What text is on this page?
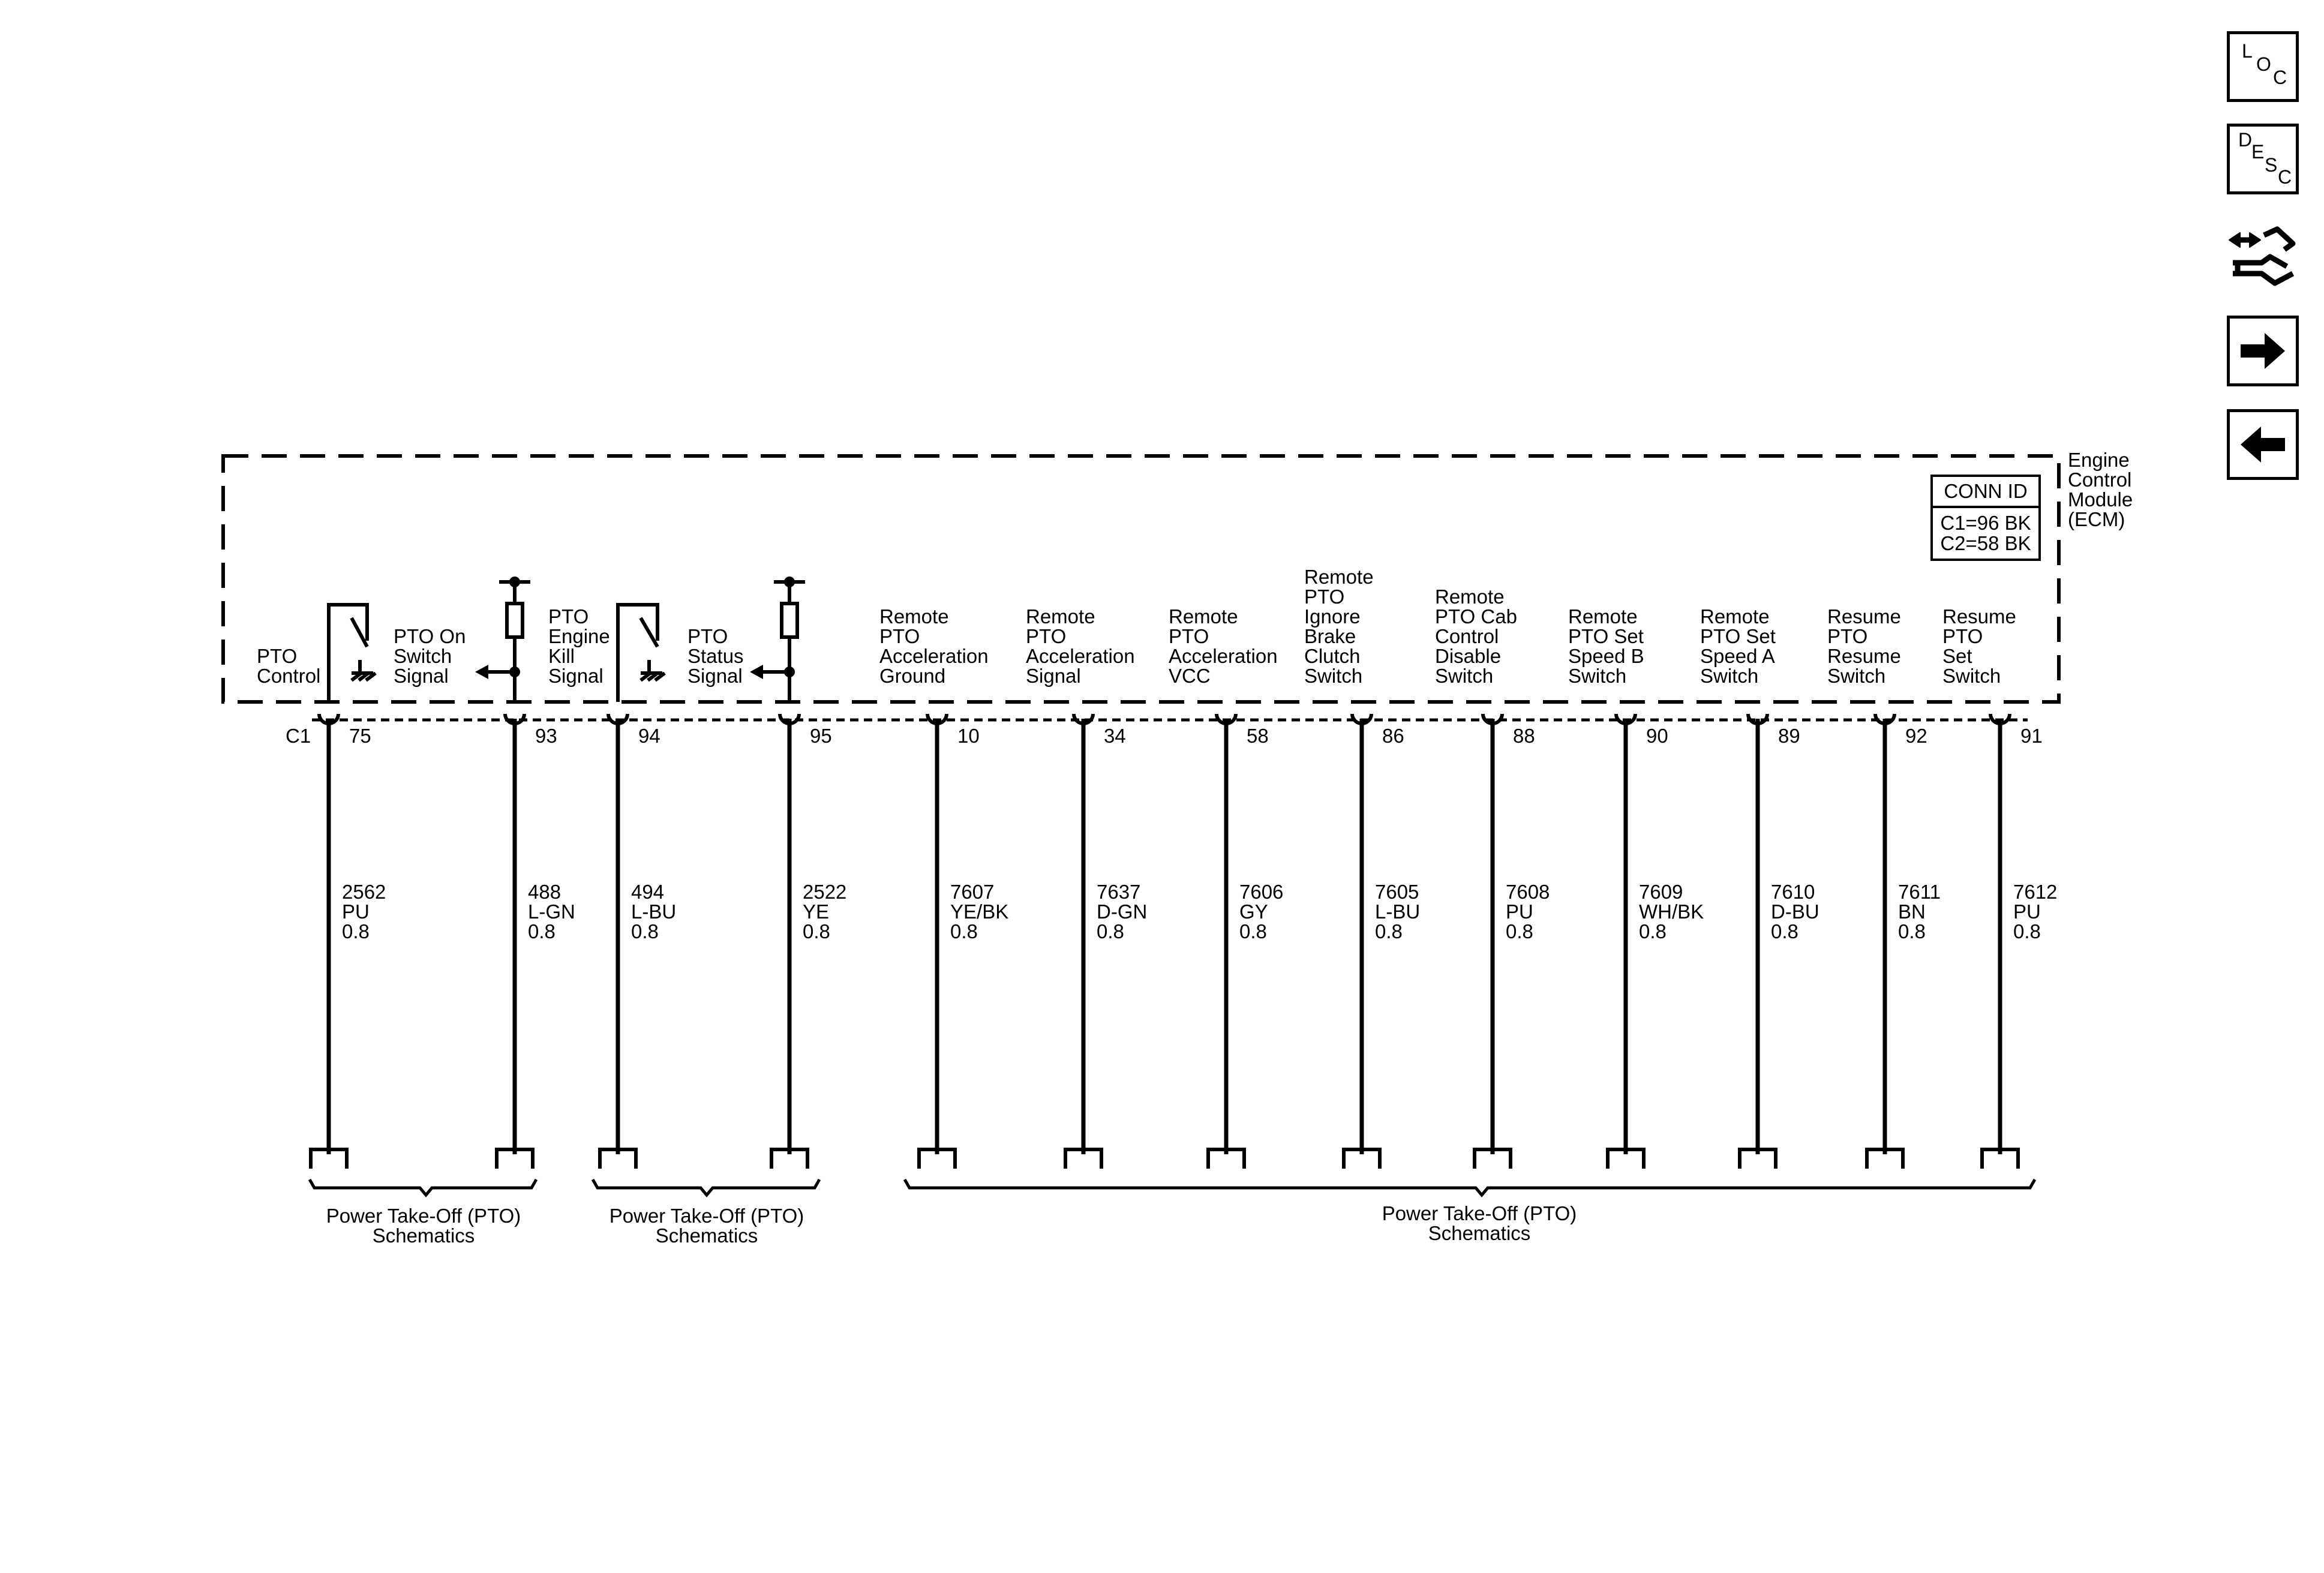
CONN ID
C1=96 BK
C2=58 BK
Engine
Control
Module
(ECM)
C1
PTO On
Switch
Signal
PTO
Status
Signal
75
2562
PU
0.8
PTO
Control
93
488
L-GN
0.8
PTO
Engine
Kill
Signal
94
494
L-BU
0.8
95
2522
YE
0.8
10
7607
YE/BK
0.8
Remote
PTO
Acceleration
Ground
34
7637
D-GN
0.8
Remote
PTO
Acceleration
Signal
58
7606
GY
0.8
Remote
PTO
Acceleration
VCC
86
7605
L-BU
0.8
Remote
PTO
Ignore
Brake
Clutch
Switch
88
7608
PU
0.8
Remote
PTO Cab
Control
Disable
Switch
90
7609
WH/BK
0.8
Remote
PTO Set
Speed B
Switch
89
7610
D-BU
0.8
Remote
PTO Set
Speed A
Switch
92
7611
BN
0.8
Resume
PTO
Resume
Switch
91
7612
PU
0.8
Resume
PTO
Set
Switch
Power Take-Off (PTO)
Schematics
Power Take-Off (PTO)
Schematics
Power Take-Off (PTO)
Schematics
L
O
C
D
E
S
C
